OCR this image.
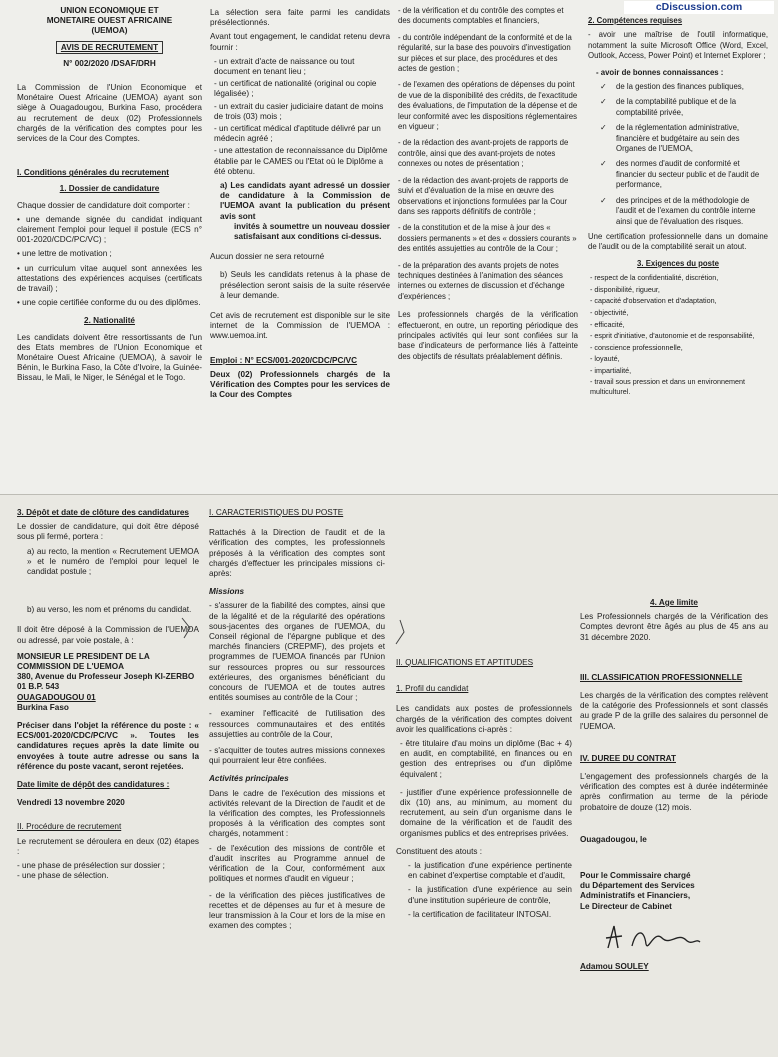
UNION ECONOMIQUE ET

MONETAIRE OUEST AFRICAINE

(UEMOA)

AVIS DE RECRUTEMENT

N° 002/2020 /DSAF/DRH

La Commission de l'Union Economique et Monétaire Ouest Africaine (UEMOA) ayant son siège à Ouagadougou, Burkina Faso, procédera au recrutement de deux (02) Professionnels chargés de la vérification des comptes pour les services de la Cour des Comptes.

I. Conditions générales du recrutement

1. Dossier de candidature

Chaque dossier de candidature doit comporter :

• une demande signée du candidat indiquant clairement l'emploi pour lequel il postule (ECS n° 001-2020/CDC/PC/VC) ;

• une lettre de motivation ;

• un curriculum vitae auquel sont annexées les attestations des expériences acquises (certificats de travail) ;

• une copie certifiée conforme du ou des diplômes.

2. Nationalité

Les candidats doivent être ressortissants de l'un des Etats membres de l'Union Economique et Monétaire Ouest Africaine (UEMOA), à savoir le Bénin, le Burkina Faso, la Côte d'Ivoire, la Guinée-Bissau, le Mali, le Niger, le Sénégal et le Togo.

La sélection sera faite parmi les candidats présélectionnés.

Avant tout engagement, le candidat retenu devra fournir :

- un extrait d'acte de naissance ou tout document en tenant lieu ;
- un certificat de nationalité (original ou copie légalisée) ;
- un extrait du casier judiciaire datant de moins de trois (03) mois ;
- un certificat médical d'aptitude délivré par un médecin agréé ;
- une attestation de reconnaissance du Diplôme établie par le CAMES ou l'Etat où le Diplôme a été obtenu.

a) Les candidats ayant adressé un dossier de candidature à la Commission de l'UEMOA avant la publication du présent avis sont

invités à soumettre un nouveau dossier satisfaisant aux conditions ci-dessus.

Aucun dossier ne sera retourné

b) Seuls les candidats retenus à la phase de présélection seront saisis de la suite réservée à leur demande.

Cet avis de recrutement est disponible sur le site internet de la Commission de l'UEMOA : www.uemoa.int.

Emploi : N° ECS/001-2020/CDC/PC/VC

Deux (02) Professionnels chargés de la Vérification des Comptes pour les services de la Cour des Comptes

- de la vérification et du contrôle des comptes et des documents comptables et financiers,
- du contrôle indépendant de la conformité et de la régularité, sur la base des pouvoirs d'investigation sur pièces et sur place, des procédures et des actes de gestion ;
- de l'examen des opérations de dépenses du point de vue de la disponibilité des crédits, de l'exactitude des évaluations, de l'imputation de la dépense et de leur conformité avec les dispositions réglementaires en vigueur ;
- de la rédaction des avant-projets de rapports de contrôle, ainsi que des avant-projets de notes connexes ou notes de présentation ;
- de la rédaction des avant-projets de rapports de suivi et d'évaluation de la mise en œuvre des observations et injonctions formulées par la Cour dans ses rapports définitifs de contrôle ;
- de la constitution et de la mise à jour des « dossiers permanents » et des « dossiers courants » des entités assujetties au contrôle de la Cour ;
- de la préparation des avants projets de notes techniques destinées à l'animation des séances internes ou externes de discussion et d'échange d'expériences ;

Les professionnels chargés de la vérification effectueront, en outre, un reporting périodique des principales activités qui leur sont confiées sur la base d'indicateurs de performance liés à l'atteinte des objectifs de résultats préalablement définis.

2. Compétences requises

- avoir une maîtrise de l'outil informatique, notamment la suite Microsoft Office (Word, Excel, Outlook, Access, Power Point) et Internet Explorer ;

- avoir de bonnes connaissances :

✓ de la gestion des finances publiques,
✓ de la comptabilité publique et de la comptabilité privée,
✓ de la réglementation administrative, financière et budgétaire au sein des Organes de l'UEMOA,
✓ des normes d'audit de conformité et financier du secteur public et de l'audit de performance,
✓ des principes et de la méthodologie de l'audit et de l'examen du contrôle interne ainsi que de l'évaluation des risques.

Une certification professionnelle dans un domaine de l'audit ou de la comptabilité serait un atout.

3. Exigences du poste

- respect de la confidentialité, discrétion,
- disponibilité, rigueur,
- capacité d'observation et d'adaptation,
- objectivité,
- efficacité,
- esprit d'initiative, d'autonomie et de responsabilité,
- conscience professionnelle,
- loyauté,
- impartialité,
- travail sous pression et dans un environnement multiculturel.
cDiscussion.com

3. Dépôt et date de clôture des candidatures

Le dossier de candidature, qui doit être déposé sous pli fermé, portera :

a) au recto, la mention « Recrutement UEMOA » et le numéro de l'emploi pour lequel le candidat postule ;

b) au verso, les nom et prénoms du candidat.

Il doit être déposé à la Commission de l'UEMOA ou adressé, par voie postale, à :

MONSIEUR LE PRESIDENT DE LA COMMISSION DE L'UEMOA

380, Avenue du Professeur Joseph KI-ZERBO

01 B.P. 543

OUAGADOUGOU 01

Burkina Faso

Préciser dans l'objet la référence du poste : « ECS/001-2020/CDC/PC/VC ». Toutes les candidatures reçues après la date limite ou envoyées à toute autre adresse ou sans la référence du poste vacant, seront rejetées.

Date limite de dépôt des candidatures :

Vendredi 13 novembre 2020

II. Procédure de recrutement

Le recrutement se déroulera en deux (02) étapes :

- une phase de présélection sur dossier ;

- une phase de sélection.

I. CARACTERISTIQUES DU POSTE

Rattachés à la Direction de l'audit et de la vérification des comptes, les professionnels préposés à la vérification des comptes sont chargés d'effectuer les principales missions ci-après:

Missions

- s'assurer de la fiabilité des comptes, ainsi que de la légalité et de la régularité des opérations sous-jacentes des organes de l'UEMOA, du Conseil régional de l'épargne publique et des marchés financiers (CREPMF), des projets et programmes de l'UEMOA financés par l'Union sur ressources propres ou sur ressources extérieures, des organismes bénéficiant du concours de l'UEMOA et de toutes autres entités soumises au contrôle de la Cour ;
- examiner l'efficacité de l'utilisation des ressources communautaires et des entités assujetties au contrôle de la Cour,
- s'acquitter de toutes autres missions connexes qui pourraient leur être confiées.

Activités principales

Dans le cadre de l'exécution des missions et activités relevant de la Direction de l'audit et de la vérification des comptes, les Professionnels proposés à la vérification des comptes sont chargés, notamment :

- de l'exécution des missions de contrôle et d'audit inscrites au Programme annuel de vérification de la Cour, conformément aux politiques et normes d'audit en vigueur ;
- de la vérification des pièces justificatives de recettes et de dépenses au fur et à mesure de leur transmission à la Cour et lors de la mise en examen des comptes ;

II. QUALIFICATIONS ET APTITUDES

1. Profil du candidat

Les candidats aux postes de professionnels chargés de la vérification des comptes doivent avoir les qualifications ci-après :

- être titulaire d'au moins un diplôme (Bac + 4) en audit, en comptabilité, en finances ou en gestion des entreprises ou d'un diplôme équivalent ;
- justifier d'une expérience professionnelle de dix (10) ans, au minimum, au moment du recrutement, au sein d'un organisme dans le domaine de la vérification et de l'audit des organismes publics et des entreprises privées.

Constituent des atouts :

- la justification d'une expérience pertinente en cabinet d'expertise comptable et d'audit,
- la justification d'une expérience au sein d'une institution supérieure de contrôle,
- la certification de facilitateur INTOSAI.

4. Age limite

Les Professionnels chargés de la Vérification des Comptes devront être âgés au plus de 45 ans au 31 décembre 2020.

III. CLASSIFICATION PROFESSIONNELLE

Les chargés de la vérification des comptes relèvent de la catégorie des Professionnels et sont classés au grade P de la grille des salaires du personnel de l'UEMOA.

IV. DUREE DU CONTRAT

L'engagement des professionnels chargés de la vérification des comptes est à durée indéterminée après confirmation au terme de la période probatoire de douze (12) mois.

Ouagadougou, le

Pour le Commissaire chargé

du Département des Services

Administratifs et Financiers,

Le Directeur de Cabinet

Adamou SOULEY
